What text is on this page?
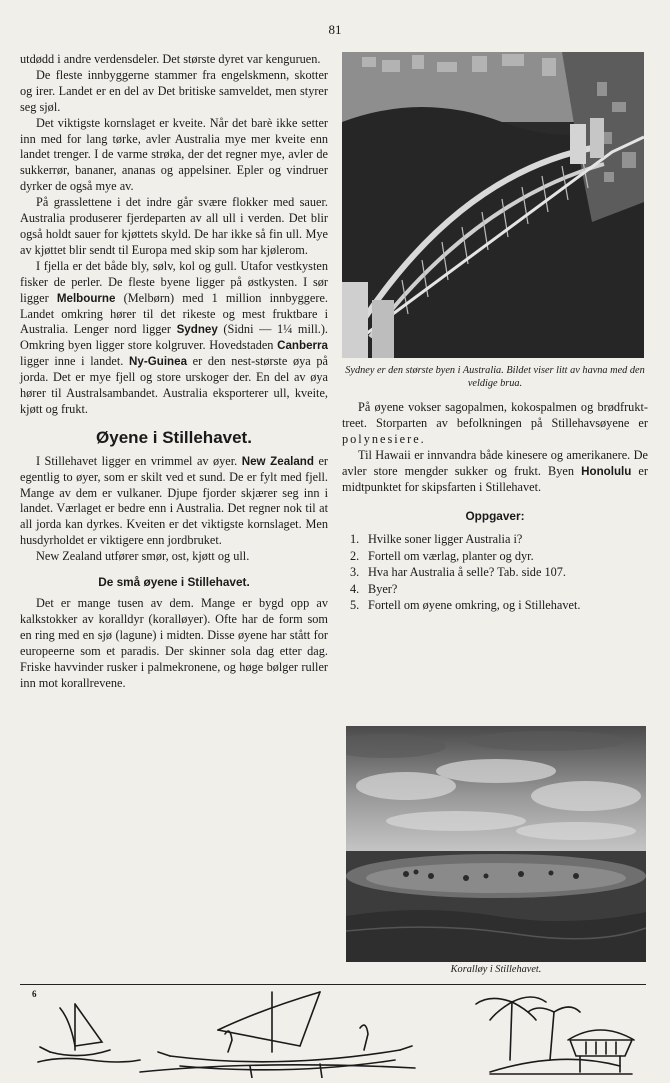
81

utdødd i andre verdensdeler. Det største dyret var kenguruen.

De fleste innbyggerne stammer fra engelskmenn, skotter og irer. Landet er en del av Det britiske samveldet, men styrer seg sjøl.

Det viktigste kornslaget er kveite. Når det barè ikke setter inn med for lang tørke, avler Australia mye mer kveite enn landet trenger. I de varme strøka, der det regner mye, avler de sukkerrør, bananer, ananas og appelsiner. Epler og vindruer dyrker de også mye av.

På grasslettene i det indre går svære flokker med sauer. Australia produserer fjerdeparten av all ull i verden. Det blir også holdt sauer for kjøttets skyld. De har ikke så fin ull. Mye av kjøttet blir sendt til Europa med skip som har kjølerom.

I fjella er det både bly, sølv, kol og gull. Utafor vestkysten fisker de perler. De fleste byene ligger på østkysten. I sør ligger Melbourne (Melbørn) med 1 million innbyggere. Landet omkring hører til det rikeste og mest fruktbare i Australia. Lenger nord ligger Sydney (Sidni — 1¼ mill.). Omkring byen ligger store kolgruver. Hovedstaden Canberra ligger inne i landet. Ny-Guinea er den nest-største øya på jorda. Det er mye fjell og store urskoger der. En del av øya hører til Australsambandet. Australia eksporterer ull, kveite, kjøtt og frukt.

Øyene i Stillehavet.

I Stillehavet ligger en vrimmel av øyer. New Zealand er egentlig to øyer, som er skilt ved et sund. De er fylt med fjell. Mange av dem er vulkaner. Djupe fjorder skjærer seg inn i landet. Værlaget er bedre enn i Australia. Det regner nok til at all jorda kan dyrkes. Kveiten er det viktigste kornslaget. Men husdyrholdet er viktigere enn jordbruket.

New Zealand utfører smør, ost, kjøtt og ull.

De små øyene i Stillehavet.

Det er mange tusen av dem. Mange er bygd opp av kalkstokker av koralldyr (koralløyer). Ofte har de form som en ring med en sjø (lagune) i midten. Disse øyene har stått for europeerne som et paradis. Der skinner sola dag etter dag. Friske havvinder rusker i palmekronene, og høge bølger ruller inn mot korallrevene.

Sydney er den største byen i Australia. Bildet viser litt av havna med den veldige brua.

På øyene vokser sagopalmen, kokospalmen og brødfrukt-treet. Storparten av befolkningen på Stillehavsøyene er polynesiere.

Til Hawaii er innvandra både kinesere og amerikanere. De avler store mengder sukker og frukt. Byen Honolulu er midtpunktet for skipsfarten i Stillehavet.

Oppgaver:
1. Hvilke soner ligger Australia i?
2. Fortell om værlag, planter og dyr.
3. Hva har Australia å selle? Tab. side 107.
4. Byer?
5. Fortell om øyene omkring, og i Stillehavet.
Koralløy i Stillehavet.
6
